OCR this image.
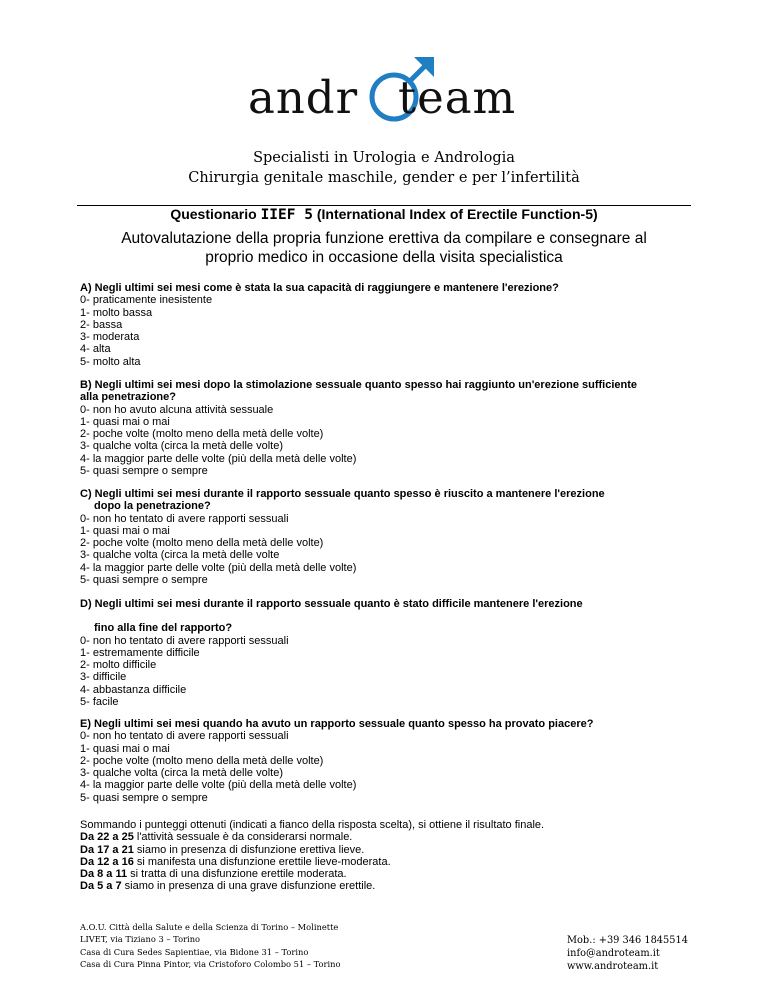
andr team
Specialisti in Urologia e Andrologia
Chirurgia genitale maschile, gender e per l’infertilità
Questionario IIEF 5 (International Index of Erectile Function-5)
Autovalutazione della propria funzione erettiva da compilare e consegnare al proprio medico in occasione della visita specialistica

A) Negli ultimi sei mesi come è stata la sua capacità di raggiungere e mantenere l'erezione?

0- praticamente inesistente

1- molto bassa

2- bassa

3- moderata

4- alta

5- molto alta

B) Negli ultimi sei mesi dopo la stimolazione sessuale quanto spesso hai raggiunto un'erezione sufficiente

alla penetrazione?

0- non ho avuto alcuna attività sessuale

1- quasi mai o mai

2- poche volte (molto meno della metà delle volte)

3- qualche volta (circa la metà delle volte)

4- la maggior parte delle volte (più della metà delle volte)

5- quasi sempre o sempre

C) Negli ultimi sei mesi durante il rapporto sessuale quanto spesso è riuscito a mantenere l'erezione

dopo la penetrazione?

0- non ho tentato di avere rapporti sessuali

1- quasi mai o mai

2- poche volte (molto meno della metà delle volte)

3- qualche volta (circa la metà delle volte

4- la maggior parte delle volte (più della metà delle volte)

5- quasi sempre o sempre

D) Negli ultimi sei mesi durante il rapporto sessuale quanto è stato difficile mantenere l'erezione

fino alla fine del rapporto?

0- non ho tentato di avere rapporti sessuali

1- estremamente difficile

2- molto difficile

3- difficile

4- abbastanza difficile

5- facile

E) Negli ultimi sei mesi quando ha avuto un rapporto sessuale quanto spesso ha provato piacere?

0- non ho tentato di avere rapporti sessuali

1- quasi mai o mai

2- poche volte (molto meno della metà delle volte)

3- qualche volta (circa la metà delle volte)

4- la maggior parte delle volte (più della metà delle volte)

5- quasi sempre o sempre

Sommando i punteggi ottenuti (indicati a fianco della risposta scelta), si ottiene il risultato finale.

Da 22 a 25 l'attività sessuale è da considerarsi normale.

Da 17 a 21 siamo in presenza di disfunzione erettiva lieve.

Da 12 a 16 si manifesta una disfunzione erettile lieve-moderata.

Da 8 a 11 si tratta di una disfunzione erettile moderata.

Da 5 a 7 siamo in presenza di una grave disfunzione erettile.

A.O.U. Città della Salute e della Scienza di Torino – Molinette
LIVET, via Tiziano 3 – Torino
Casa di Cura Sedes Sapientiae, via Bidone 31 – Torino
Casa di Cura Pinna Pintor, via Cristoforo Colombo 51 – Torino
Mob.: +39 346 1845514
info@androteam.it
www.androteam.it
